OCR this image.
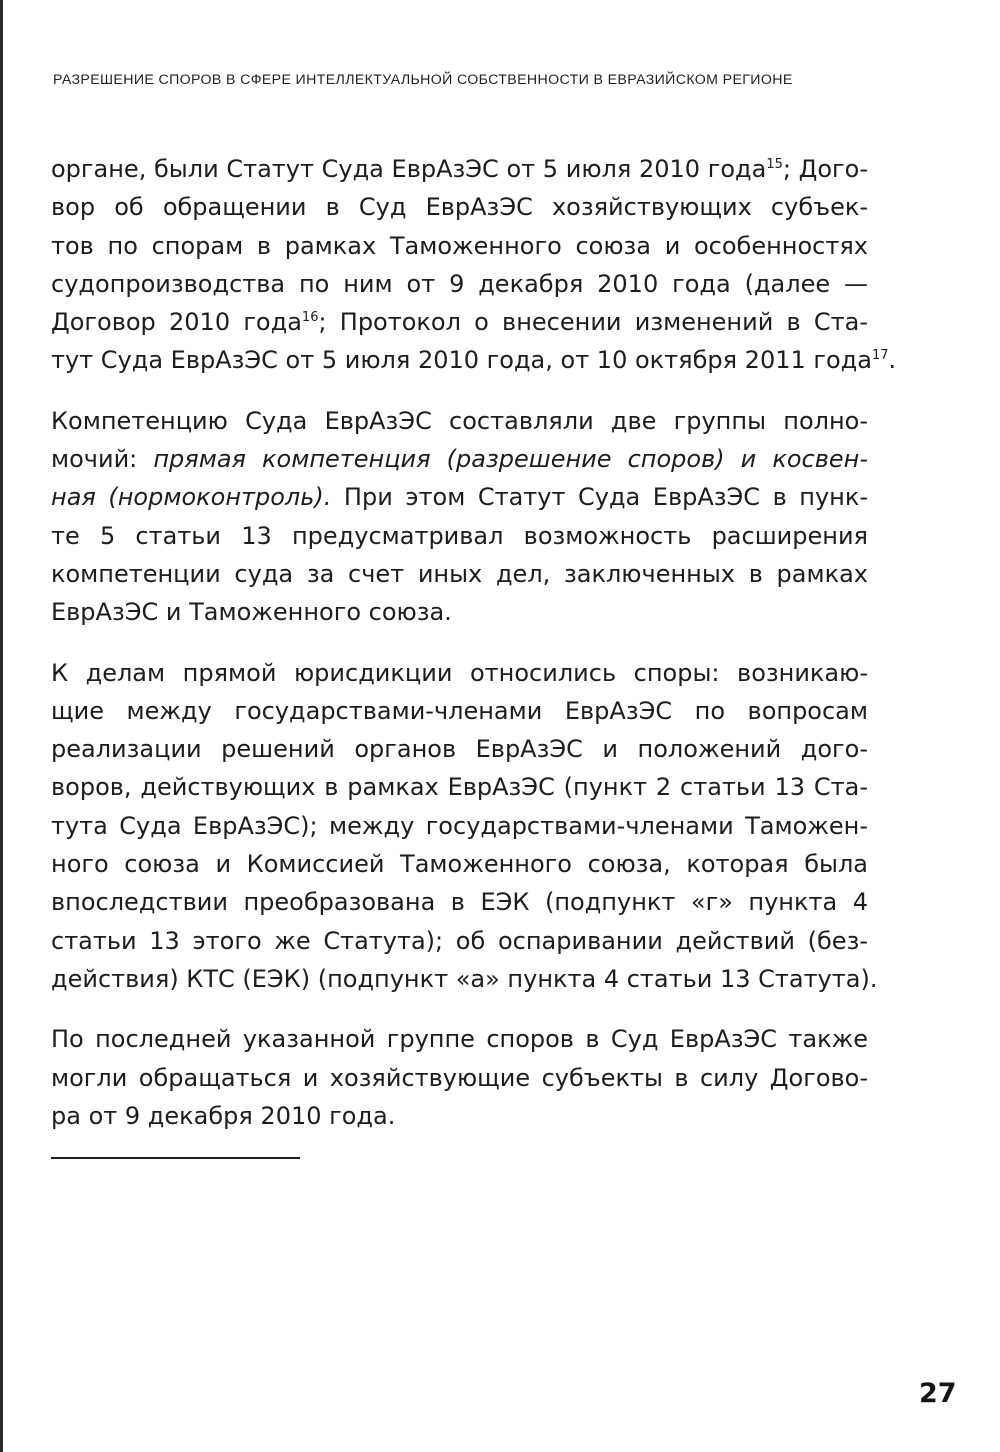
РАЗРЕШЕНИЕ СПОРОВ В СФЕРЕ ИНТЕЛЛЕКТУАЛЬНОЙ СОБСТВЕННОСТИ В ЕВРАЗИЙСКОМ РЕГИОНЕ

органе, были Статут Суда ЕврАзЭС от 5 июля 2010 года$^{15}$; Дого-
вор об обращении в Суд ЕврАзЭС хозяйствующих субъек-
тов по спорам в рамках Таможенного союза и особенностях
судопроизводства по ним от 9 декабря 2010 года (далее —
Договор 2010 года$^{16}$; Протокол о внесении изменений в Ста-
тут Суда ЕврАзЭС от 5 июля 2010 года, от 10 октября 2011 года$^{17}$.

Компетенцию Суда ЕврАзЭС составляли две группы полно-
мочий: прямая компетенция (разрешение споров) и косвен-
ная (нормоконтроль). При этом Статут Суда ЕврАзЭС в пунк-
те 5 статьи 13 предусматривал возможность расширения
компетенции суда за счет иных дел, заключенных в рамках
ЕврАзЭС и Таможенного союза.

К делам прямой юрисдикции относились споры: возникаю-
щие между государствами-членами ЕврАзЭС по вопросам
реализации решений органов ЕврАзЭС и положений дого-
воров, действующих в рамках ЕврАзЭС (пункт 2 статьи 13 Ста-
тута Суда ЕврАзЭС); между государствами-членами Таможен-
ного союза и Комиссией Таможенного союза, которая была
впоследствии преобразована в ЕЭК (подпункт «г» пункта 4
статьи 13 этого же Статута); об оспаривании действий (без-
действия) КТС (ЕЭК) (подпункт «а» пункта 4 статьи 13 Статута).

По последней указанной группе споров в Суд ЕврАзЭС также
могли обращаться и хозяйствующие субъекты в силу Догово-
ра от 9 декабря 2010 года.

27
